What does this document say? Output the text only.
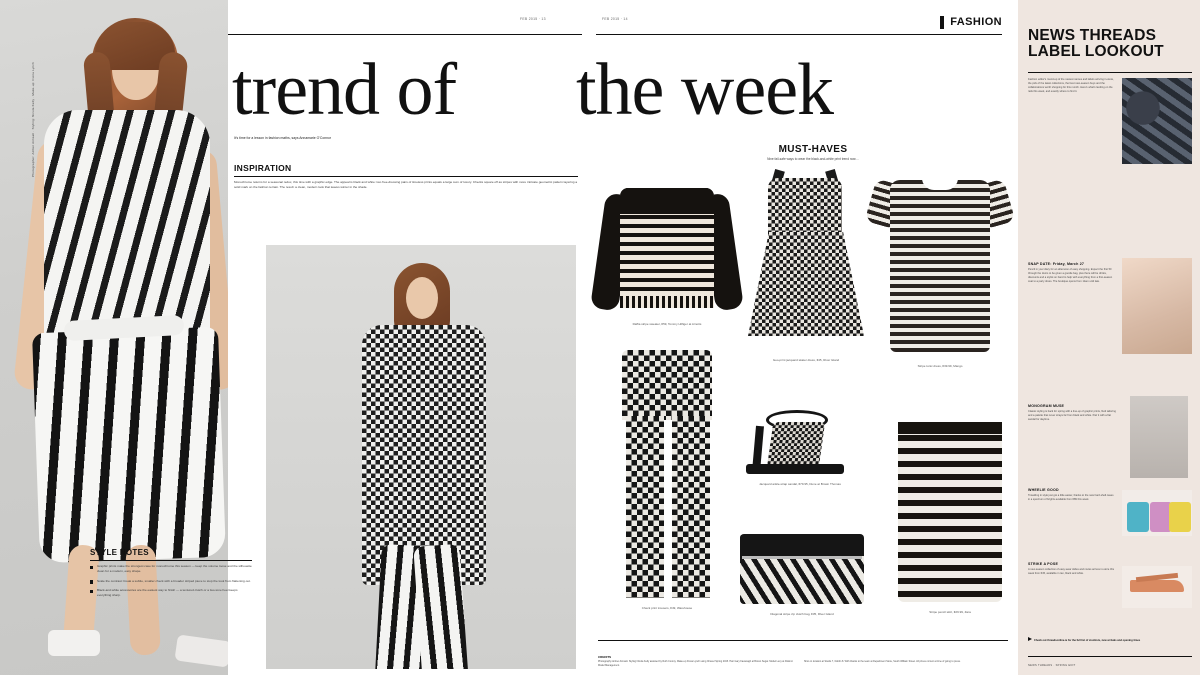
FEB 2015 · 13
Photographer: Amber Aimsalt · Styling: Nicola Kelly · Make-up: Fiona Lynch	trend of
It's time for a lesson in fashion maths, says Annamarie O'Connor
INSPIRATION
Monochrome returns for a seasonal redux, this time with a graphic edge. The appeal is black and white: two free-dressing pairs of timeless prints equals a large sum of luxury. Checks square off as stripes with more intricate geometric pattern layering a solid mark on the fashion terrain. The result: a clean, modern look that leaves winter in the shade.
STYLE NOTES
Graphic prints make the strongest case for monochrome this season — keep the volume loose and the silhouette clean for a modern, easy shape.
Scale the contrast: break a subtle, smaller check with a broader striped piece to stop the look from flattening out.
Black-and-white accessories are the easiest way to finish — a textured clutch or a two-tone heel keeps everything sharp.
FASHION
FEB 2015 · 14
the week
MUST-HAVES
Nine fail-safe ways to wear the black-and-white print trend now…
Raffia stripe sweater, €59, Tommy Hilfiger at Arnotts
Geo-print jacquard skater dress, €45, River Island
Stripe tunic dress, €39.99, Mango
Check print trousers, €49, Warehouse
Jacquard ankle-strap sandal, €79.95, Dune at Brown Thomas
Diagonal stripe zip clutch bag, €35, River Island	Stripe pencil skirt, €29.99, Zara
CREDITS
Photography Amber Aimsalt. Styling Nicola Kelly assisted by Ruth Conroy. Make-up Fiona Lynch using Chanel Spring 2015. Hair Gary Kavanagh at Brown Sugar. Model Lucy at Distinct Model Management.
Shot on location at Studio 7, Dublin 8. With thanks to the team at Department Store, South William Street. All prices correct at time of going to press.
NEWS THREADS
LABEL LOOKOUT
Fashion editor's round-up of the newest names and labels arriving in-store, the pick of the latest collections, the best new-season buys and the collaborations worth shopping for this month. Here's what's landing on the rails this week, and exactly where to find it.
SNAP DATE: Friday, March 27
Pencil in your diary for an afternoon of easy shopping. Expect the first 50 through the doors to be given a goodie bag, plus there will be drinks, discounts and a stylist on hand to help with everything from a first-season coat to a party dress. The boutique opens from 11am until late.
MONOGRAM MUSE
Classic styling is back for spring with a line-up of graphic prints, fluid tailoring and a palette that never strays far from black and white. Pair it with a flat sandal for daytime.
WHEELIE GOOD
Travelling in style just got a little easier, thanks to the new hard-shell cases in a spectrum of brights available from €89 this week.
STRIKE A POSE
A new-season collection of easy-wear slides and mules arrives in-store this week from €45, available in tan, black and white.
Check out threadsonline.ie for the full list of stockists, new arrivals and opening times
NEWS THREADS · SPRING EDIT
